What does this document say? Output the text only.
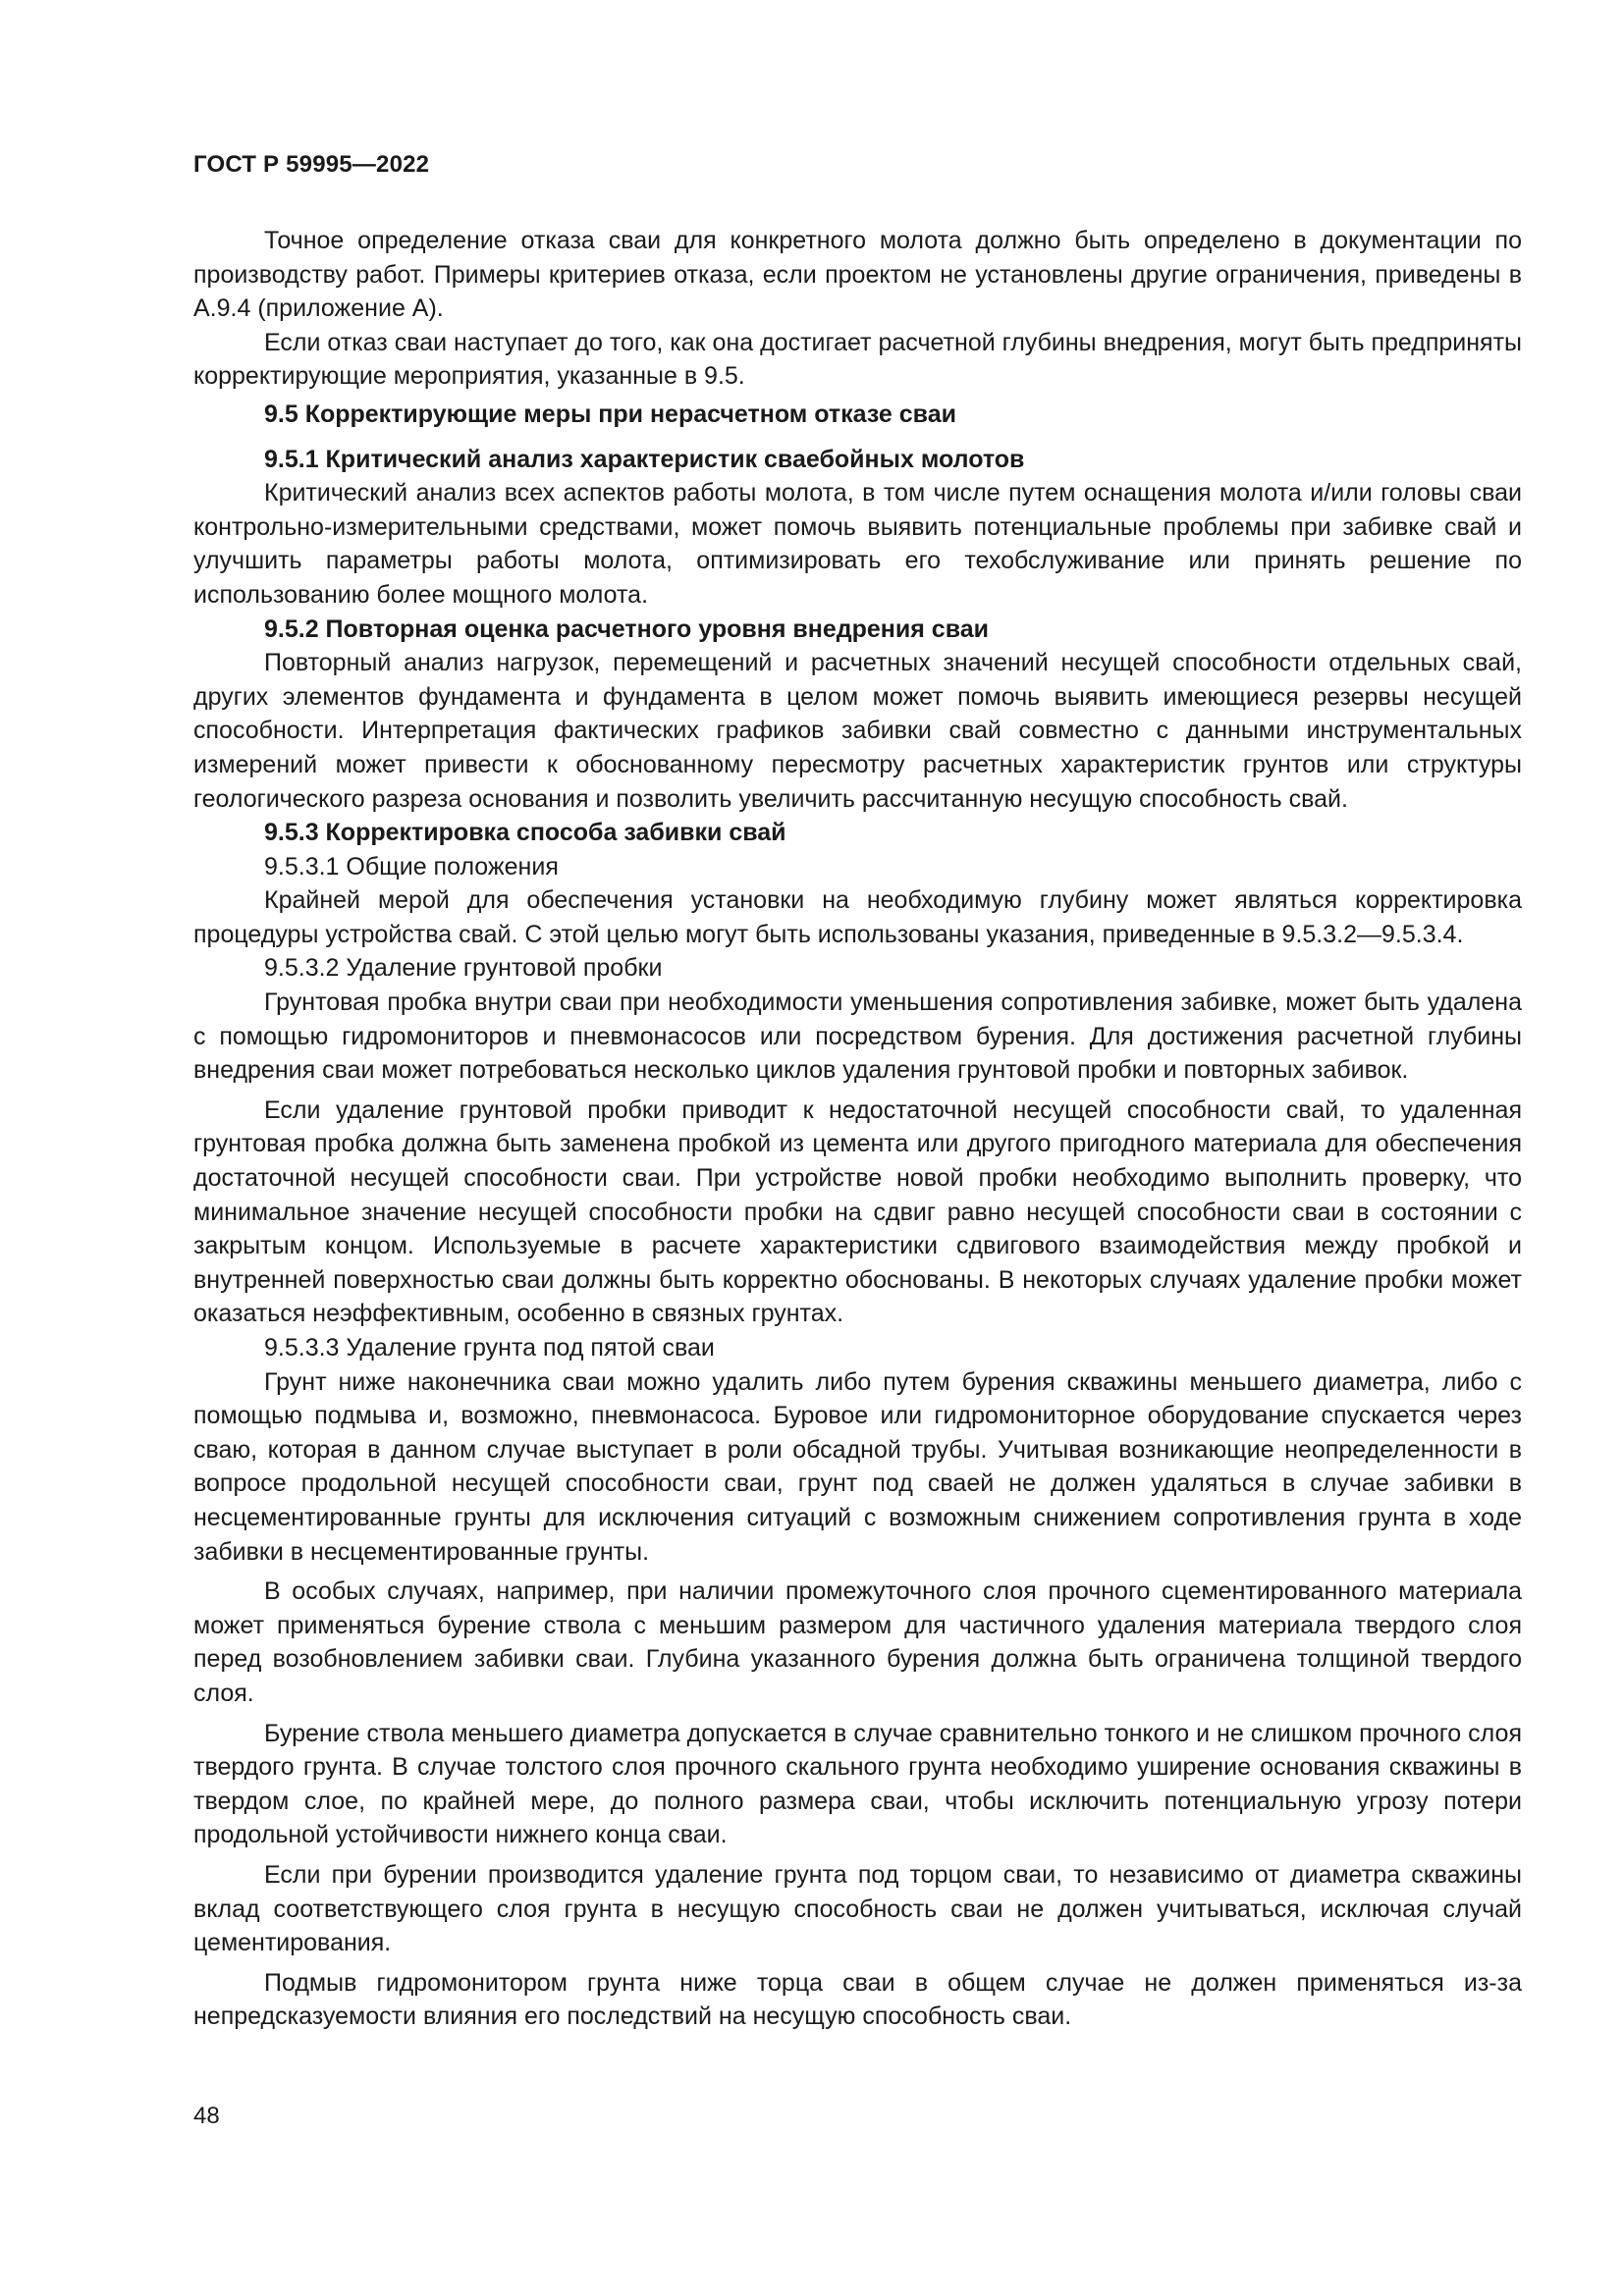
ГОСТ Р 59995—2022

Точное определение отказа сваи для конкретного молота должно быть определено в документации по производству работ. Примеры критериев отказа, если проектом не установлены другие ограничения, приведены в А.9.4 (приложение А).

Если отказ сваи наступает до того, как она достигает расчетной глубины внедрения, могут быть предприняты корректирующие мероприятия, указанные в 9.5.

9.5 Корректирующие меры при нерасчетном отказе сваи

9.5.1 Критический анализ характеристик сваебойных молотов

Критический анализ всех аспектов работы молота, в том числе путем оснащения молота и/или головы сваи контрольно-измерительными средствами, может помочь выявить потенциальные проблемы при забивке свай и улучшить параметры работы молота, оптимизировать его техобслуживание или принять решение по использованию более мощного молота.

9.5.2 Повторная оценка расчетного уровня внедрения сваи

Повторный анализ нагрузок, перемещений и расчетных значений несущей способности отдельных свай, других элементов фундамента и фундамента в целом может помочь выявить имеющиеся резервы несущей способности. Интерпретация фактических графиков забивки свай совместно с данными инструментальных измерений может привести к обоснованному пересмотру расчетных характеристик грунтов или структуры геологического разреза основания и позволить увеличить рассчитанную несущую способность свай.

9.5.3 Корректировка способа забивки свай

9.5.3.1 Общие положения

Крайней мерой для обеспечения установки на необходимую глубину может являться корректировка процедуры устройства свай. С этой целью могут быть использованы указания, приведенные в 9.5.3.2—9.5.3.4.

9.5.3.2 Удаление грунтовой пробки

Грунтовая пробка внутри сваи при необходимости уменьшения сопротивления забивке, может быть удалена с помощью гидромониторов и пневмонасосов или посредством бурения. Для достижения расчетной глубины внедрения сваи может потребоваться несколько циклов удаления грунтовой пробки и повторных забивок.

Если удаление грунтовой пробки приводит к недостаточной несущей способности свай, то удаленная грунтовая пробка должна быть заменена пробкой из цемента или другого пригодного материала для обеспечения достаточной несущей способности сваи. При устройстве новой пробки необходимо выполнить проверку, что минимальное значение несущей способности пробки на сдвиг равно несущей способности сваи в состоянии с закрытым концом. Используемые в расчете характеристики сдвигового взаимодействия между пробкой и внутренней поверхностью сваи должны быть корректно обоснованы. В некоторых случаях удаление пробки может оказаться неэффективным, особенно в связных грунтах.

9.5.3.3 Удаление грунта под пятой сваи

Грунт ниже наконечника сваи можно удалить либо путем бурения скважины меньшего диаметра, либо с помощью подмыва и, возможно, пневмонасоса. Буровое или гидромониторное оборудование спускается через сваю, которая в данном случае выступает в роли обсадной трубы. Учитывая возникающие неопределенности в вопросе продольной несущей способности сваи, грунт под сваей не должен удаляться в случае забивки в несцементированные грунты для исключения ситуаций с возможным снижением сопротивления грунта в ходе забивки в несцементированные грунты.

В особых случаях, например, при наличии промежуточного слоя прочного сцементированного материала может применяться бурение ствола с меньшим размером для частичного удаления материала твердого слоя перед возобновлением забивки сваи. Глубина указанного бурения должна быть ограничена толщиной твердого слоя.

Бурение ствола меньшего диаметра допускается в случае сравнительно тонкого и не слишком прочного слоя твердого грунта. В случае толстого слоя прочного скального грунта необходимо уширение основания скважины в твердом слое, по крайней мере, до полного размера сваи, чтобы исключить потенциальную угрозу потери продольной устойчивости нижнего конца сваи.

Если при бурении производится удаление грунта под торцом сваи, то независимо от диаметра скважины вклад соответствующего слоя грунта в несущую способность сваи не должен учитываться, исключая случай цементирования.

Подмыв гидромонитором грунта ниже торца сваи в общем случае не должен применяться из-за непредсказуемости влияния его последствий на несущую способность сваи.

48
